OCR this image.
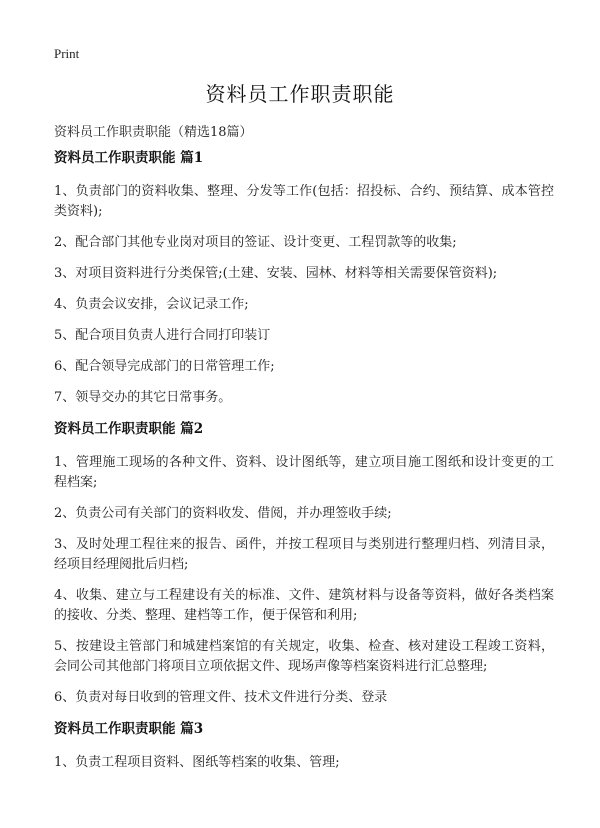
Print
资料员工作职责职能

资料员工作职责职能（精选18篇）

资料员工作职责职能 篇1

1、负责部门的资料收集、整理、分发等工作(包括：招投标、合约、预结算、成本管控类资料);

2、配合部门其他专业岗对项目的签证、设计变更、工程罚款等的收集;

3、对项目资料进行分类保管;(土建、安装、园林、材料等相关需要保管资料);

4、负责会议安排，会议记录工作;

5、配合项目负责人进行合同打印装订

6、配合领导完成部门的日常管理工作;

7、领导交办的其它日常事务。

资料员工作职责职能 篇2

1、管理施工现场的各种文件、资料、设计图纸等，建立项目施工图纸和设计变更的工程档案;

2、负责公司有关部门的资料收发、借阅，并办理签收手续;

3、及时处理工程往来的报告、函件，并按工程项目与类别进行整理归档、列清目录，经项目经理阅批后归档;

4、收集、建立与工程建设有关的标准、文件、建筑材料与设备等资料，做好各类档案的接收、分类、整理、建档等工作，便于保管和利用;

5、按建设主管部门和城建档案馆的有关规定，收集、检查、核对建设工程竣工资料，会同公司其他部门将项目立项依据文件、现场声像等档案资料进行汇总整理;

6、负责对每日收到的管理文件、技术文件进行分类、登录

资料员工作职责职能 篇3

1、负责工程项目资料、图纸等档案的收集、管理;
